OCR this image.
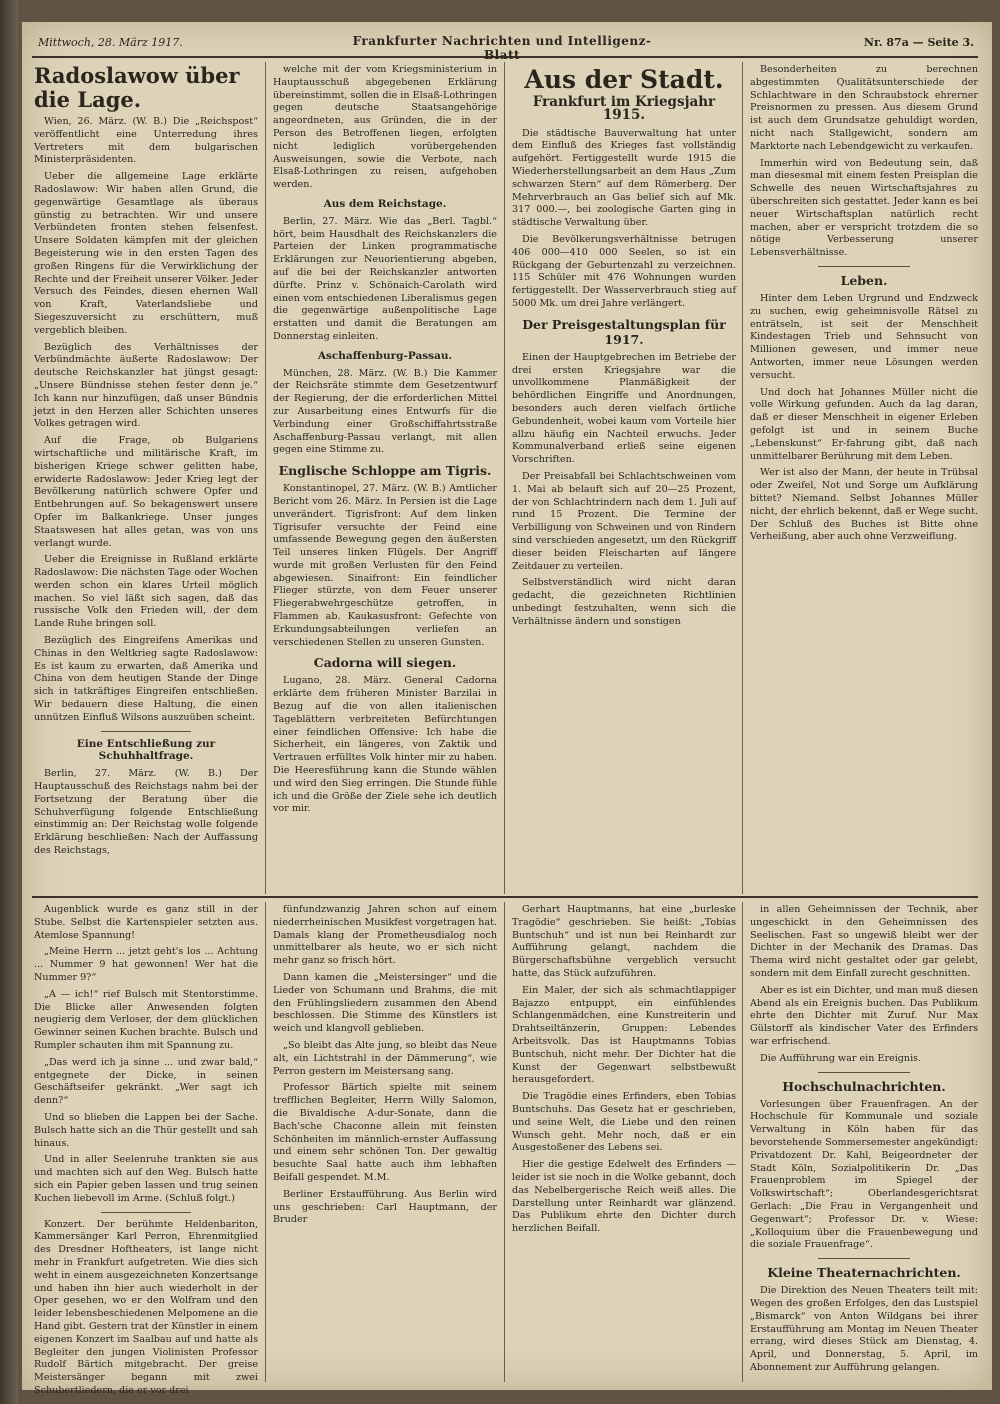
Mittwoch, 28. März 1917.	Frankfurter Nachrichten und Intelligenz-Blatt
Nr. 87a — Seite 3.
Radoslawow über die Lage.

Wien, 26. März. (W. B.) Die „Reichspost“ veröffentlicht eine Unterredung ihres Vertreters mit dem bulgarischen Ministerpräsidenten.

Ueber die allgemeine Lage erklärte Radoslawow: Wir haben allen Grund, die gegenwärtige Gesamtlage als überaus günstig zu betrachten. Wir und unsere Verbündeten fronten stehen felsenfest. Unsere Soldaten kämpfen mit der gleichen Begeisterung wie in den ersten Tagen des großen Ringens für die Verwirklichung der Rechte und der Freiheit unserer Völker. Jeder Versuch des Feindes, diesen ehernen Wall von Kraft, Vaterlandsliebe und Siegeszuversicht zu erschüttern, muß vergeblich bleiben.

Bezüglich des Verhältnisses der Verbündmächte äußerte Radoslawow: Der deutsche Reichskanzler hat jüngst gesagt: „Unsere Bündnisse stehen fester denn je.“ Ich kann nur hinzufügen, daß unser Bündnis jetzt in den Herzen aller Schichten unseres Volkes getragen wird.

Auf die Frage, ob Bulgariens wirtschaftliche und militärische Kraft, im bisherigen Kriege schwer gelitten habe, erwiderte Radoslawow: Jeder Krieg legt der Bevölkerung natürlich schwere Opfer und Entbehrungen auf. So bekagenswert unsere Opfer im Balkankriege. Unser junges Staatswesen hat alles getan, was von uns verlangt wurde.

Ueber die Ereignisse in Rußland erklärte Radoslawow: Die nächsten Tage oder Wochen werden schon ein klares Urteil möglich machen. So viel läßt sich sagen, daß das russische Volk den Frieden will, der dem Lande Ruhe bringen soll.

Bezüglich des Eingreifens Amerikas und Chinas in den Weltkrieg sagte Radoslawow: Es ist kaum zu erwarten, daß Amerika und China von dem heutigen Stande der Dinge sich in tatkräftiges Eingreifen entschließen. Wir bedauern diese Haltung, die einen unnützen Einfluß Wilsons auszuüben scheint.

Eine Entschließung zur Schuhhaltfrage.

Berlin, 27. März. (W. B.) Der Hauptausschuß des Reichstags nahm bei der Fortsetzung der Beratung über die Schuhverfügung folgende Entschließung einstimmig an: Der Reichstag wolle folgende Erklärung beschließen: Nach der Auffassung des Reichstags,

welche mit der vom Kriegsministerium in Hauptausschuß abgegebenen Erklärung übereinstimmt, sollen die in Elsaß-Lothringen gegen deutsche Staatsangehörige angeordneten, aus Gründen, die in der Person des Betroffenen liegen, erfolgten nicht lediglich vorübergehenden Ausweisungen, sowie die Verbote, nach Elsaß-Lothringen zu reisen, aufgehoben werden.

Aus dem Reichstage.

Berlin, 27. März. Wie das „Berl. Tagbl.“ hört, beim Hausdhalt des Reichskanzlers die Parteien der Linken programmatische Erklärungen zur Neuorientierung abgeben, auf die bei der Reichskanzler antworten dürfte. Prinz v. Schönaich-Carolath wird einen vom entschiedenen Liberalismus gegen die gegenwärtige außenpolitische Lage erstatten und damit die Beratungen am Donnerstag einleiten.

Aschaffenburg-Passau.

München, 28. März. (W. B.) Die Kammer der Reichsräte stimmte dem Gesetzentwurf der Regierung, der die erforderlichen Mittel zur Ausarbeitung eines Entwurfs für die Verbindung einer Großschiffahrtsstraße Aschaffenburg-Passau verlangt, mit allen gegen eine Stimme zu.

Englische Schloppe am Tigris.

Konstantinopel, 27. März. (W. B.) Amtlicher Bericht vom 26. März. In Persien ist die Lage unverändert. Tigrisfront: Auf dem linken Tigrisufer versuchte der Feind eine umfassende Bewegung gegen den äußersten Teil unseres linken Flügels. Der Angriff wurde mit großen Verlusten für den Feind abgewiesen. Sinaifront: Ein feindlicher Flieger stürzte, von dem Feuer unserer Fliegerabwehrgeschütze getroffen, in Flammen ab. Kaukasusfront: Gefechte von Erkundungsabteilungen verliefen an verschiedenen Stellen zu unseren Gunsten.

Cadorna will siegen.

Lugano, 28. März. General Cadorna erklärte dem früheren Minister Barzilai in Bezug auf die von allen italienischen Tageblättern verbreiteten Befürchtungen einer feindlichen Offensive: Ich habe die Sicherheit, ein längeres, von Zaktik und Vertrauen erfülltes Volk hinter mir zu haben. Die Heeresführung kann die Stunde wählen und wird den Sieg erringen. Die Stunde fühle ich und die Größe der Ziele sehe ich deutlich vor mir.

Aus der Stadt.
Frankfurt im Kriegsjahr 1915.

Die städtische Bauverwaltung hat unter dem Einfluß des Krieges fast vollständig aufgehört. Fertiggestellt wurde 1915 die Wiederherstellungsarbeit an dem Haus „Zum schwarzen Stern“ auf dem Römerberg. Der Mehrverbrauch an Gas belief sich auf Mk. 317 000.—, bei zoologische Garten ging in städtische Verwaltung über.

Die Bevölkerungsverhältnisse betrugen 406 000—410 000 Seelen, so ist ein Rückgang der Geburtenzahl zu verzeichnen. 115 Schüler mit 476 Wohnungen wurden fertiggestellt. Der Wasserverbrauch stieg auf 5000 Mk. um drei Jahre verlängert.

Der Preisgestaltungsplan für 1917.

Einen der Hauptgebrechen im Betriebe der drei ersten Kriegsjahre war die unvollkommene Planmäßigkeit der behördlichen Eingriffe und Anordnungen, besonders auch deren vielfach örtliche Gebundenheit, wobei kaum vom Vorteile hier allzu häufig ein Nachteil erwuchs. Jeder Kommunalverband erließ seine eigenen Vorschriften.

Der Preisabfall bei Schlachtschweinen vom 1. Mai ab belauft sich auf 20—25 Prozent, der von Schlachtrindern nach dem 1. Juli auf rund 15 Prozent. Die Termine der Verbilligung von Schweinen und von Rindern sind verschieden angesetzt, um den Rückgriff dieser beiden Fleischarten auf längere Zeitdauer zu verteilen.

Selbstverständlich wird nicht daran gedacht, die gezeichneten Richtlinien unbedingt festzuhalten, wenn sich die Verhältnisse ändern und sonstigen

Besonderheiten zu berechnen abgestimmten Qualitätsunterschiede der Schlachtware in den Schraubstock ehrerner Preisnormen zu pressen. Aus diesem Grund ist auch dem Grundsatze gehuldigt worden, nicht nach Stallgewicht, sondern am Marktorte nach Lebendgewicht zu verkaufen.

Immerhin wird von Bedeutung sein, daß man diesesmal mit einem festen Preisplan die Schwelle des neuen Wirtschaftsjahres zu überschreiten sich gestattet. Jeder kann es bei neuer Wirtschaftsplan natürlich recht machen, aber er verspricht trotzdem die so nötige Verbesserung unserer Lebensverhältnisse.

Leben.

Hinter dem Leben Urgrund und Endzweck zu suchen, ewig geheimnisvolle Rätsel zu enträtseln, ist seit der Menschheit Kindestagen Trieb und Sehnsucht von Millionen gewesen, und immer neue Antworten, immer neue Lösungen werden versucht.

Und doch hat Johannes Müller nicht die volle Wirkung gefunden. Auch da lag daran, daß er dieser Menschheit in eigener Erleben gefolgt ist und in seinem Buche „Lebenskunst“ Er-fahrung gibt, daß nach unmittelbarer Berührung mit dem Leben.

Wer ist also der Mann, der heute in Trübsal oder Zweifel, Not und Sorge um Aufklärung bittet? Niemand. Selbst Johannes Müller nicht, der ehrlich bekennt, daß er Wege sucht. Der Schluß des Buches ist Bitte ohne Verheißung, aber auch ohne Verzweiflung.

Augenblick wurde es ganz still in der Stube. Selbst die Kartenspieler setzten aus. Atemlose Spannung!

„Meine Herrn ... jetzt geht's los ... Achtung ... Nummer 9 hat gewonnen! Wer hat die Nummer 9?“

„A — ich!“ rief Bulsch mit Stentorstimme. Die Blicke aller Anwesenden folgten neugierig dem Verloser, der dem glücklichen Gewinner seinen Kuchen brachte. Bulsch und Rumpler schauten ihm mit Spannung zu.

„Das werd ich ja sinne ... und zwar bald,“ entgegnete der Dicke, in seinen Geschäftseifer gekränkt. „Wer sagt ich denn?“

Und so blieben die Lappen bei der Sache. Bulsch hatte sich an die Thür gestellt und sah hinaus.

Und in aller Seelenruhe trankten sie aus und machten sich auf den Weg. Bulsch hatte sich ein Papier geben lassen und trug seinen Kuchen liebevoll im Arme. (Schluß folgt.)

Konzert. Der berühmte Heldenbariton, Kammersänger Karl Perron, Ehrenmitglied des Dresdner Hoftheaters, ist lange nicht mehr in Frankfurt aufgetreten. Wie dies sich weht in einem ausgezeichneten Konzertsange und haben ihn hier auch wiederholt in der Oper gesehen, wo er den Wolfram und den leider lebensbeschiedenen Melpomene an die Hand gibt. Gestern trat der Künstler in einem eigenen Konzert im Saalbau auf und hatte als Begleiter den jungen Violinisten Professor Rudolf Bärtich mitgebracht. Der greise Meistersänger begann mit zwei Schubertliedern, die er vor drei

fünfundzwanzig Jahren schon auf einem niederrheinischen Musikfest vorgetragen hat. Damals klang der Prometheusdialog noch unmittelbarer als heute, wo er sich nicht mehr ganz so frisch hört.

Dann kamen die „Meistersinger“ und die Lieder von Schumann und Brahms, die mit den Frühlingsliedern zusammen den Abend beschlossen. Die Stimme des Künstlers ist weich und klangvoll geblieben.

„So bleibt das Alte jung, so bleibt das Neue alt, ein Lichtstrahl in der Dämmerung“, wie Perron gestern im Meistersang sang.

Professor Bärtich spielte mit seinem trefflichen Begleiter, Herrn Willy Salomon, die Bivaldische A-dur-Sonate, dann die Bach'sche Chaconne allein mit feinsten Schönheiten im männlich-ernster Auffassung und einem sehr schönen Ton. Der gewaltig besuchte Saal hatte auch ihm lebhaften Beifall gespendet. M.M.

Berliner Erstaufführung. Aus Berlin wird uns geschrieben: Carl Hauptmann, der Bruder

Gerhart Hauptmanns, hat eine „burleske Tragödie“ geschrieben. Sie heißt: „Tobias Buntschuh“ und ist nun bei Reinhardt zur Aufführung gelangt, nachdem die Bürgerschaftsbühne vergeblich versucht hatte, das Stück aufzuführen.

Ein Maler, der sich als schmachtlappiger Bajazzo entpuppt, ein einfühlendes Schlangenmädchen, eine Kunstreiterin und Drahtseiltänzerin, Gruppen: Lebendes Arbeitsvolk. Das ist Hauptmanns Tobias Buntschuh, nicht mehr. Der Dichter hat die Kunst der Gegenwart selbstbewußt herausgefordert.

Die Tragödie eines Erfinders, eben Tobias Buntschuhs. Das Gesetz hat er geschrieben, und seine Welt, die Liebe und den reinen Wunsch geht. Mehr noch, daß er ein Ausgestoßener des Lebens sei.

Hier die gestige Edelwelt des Erfinders — leider ist sie noch in die Wolke gebannt, doch das Nebelbergerische Reich weiß alles. Die Darstellung unter Reinhardt war glänzend. Das Publikum ehrte den Dichter durch herzlichen Beifall.

in allen Geheimnissen der Technik, aber ungeschickt in den Geheimnissen des Seelischen. Fast so ungewiß bleibt wer der Dichter in der Mechanik des Dramas. Das Thema wird nicht gestaltet oder gar gelebt, sondern mit dem Einfall zurecht geschnitten.

Aber es ist ein Dichter, und man muß diesen Abend als ein Ereignis buchen. Das Publikum ehrte den Dichter mit Zuruf. Nur Max Gülstorff als kindischer Vater des Erfinders war erfrischend.

Die Aufführung war ein Ereignis.

Hochschulnachrichten.

Vorlesungen über Frauenfragen. An der Hochschule für Kommunale und soziale Verwaltung in Köln haben für das bevorstehende Sommersemester angekündigt: Privatdozent Dr. Kahl, Beigeordneter der Stadt Köln, Sozialpolitikerin Dr. „Das Frauenproblem im Spiegel der Volkswirtschaft“; Oberlandesgerichtsrat Gerlach: „Die Frau in Vergangenheit und Gegenwart“; Professor Dr. v. Wiese: „Kolloquium über die Frauenbewegung und die soziale Frauenfrage“.

Kleine Theaternachrichten.

Die Direktion des Neuen Theaters teilt mit: Wegen des großen Erfolges, den das Lustspiel „Bismarck“ von Anton Wildgans bei ihrer Erstaufführung am Montag im Neuen Theater errang, wird dieses Stück am Dienstag, 4. April, und Donnerstag, 5. April, im Abonnement zur Aufführung gelangen.
